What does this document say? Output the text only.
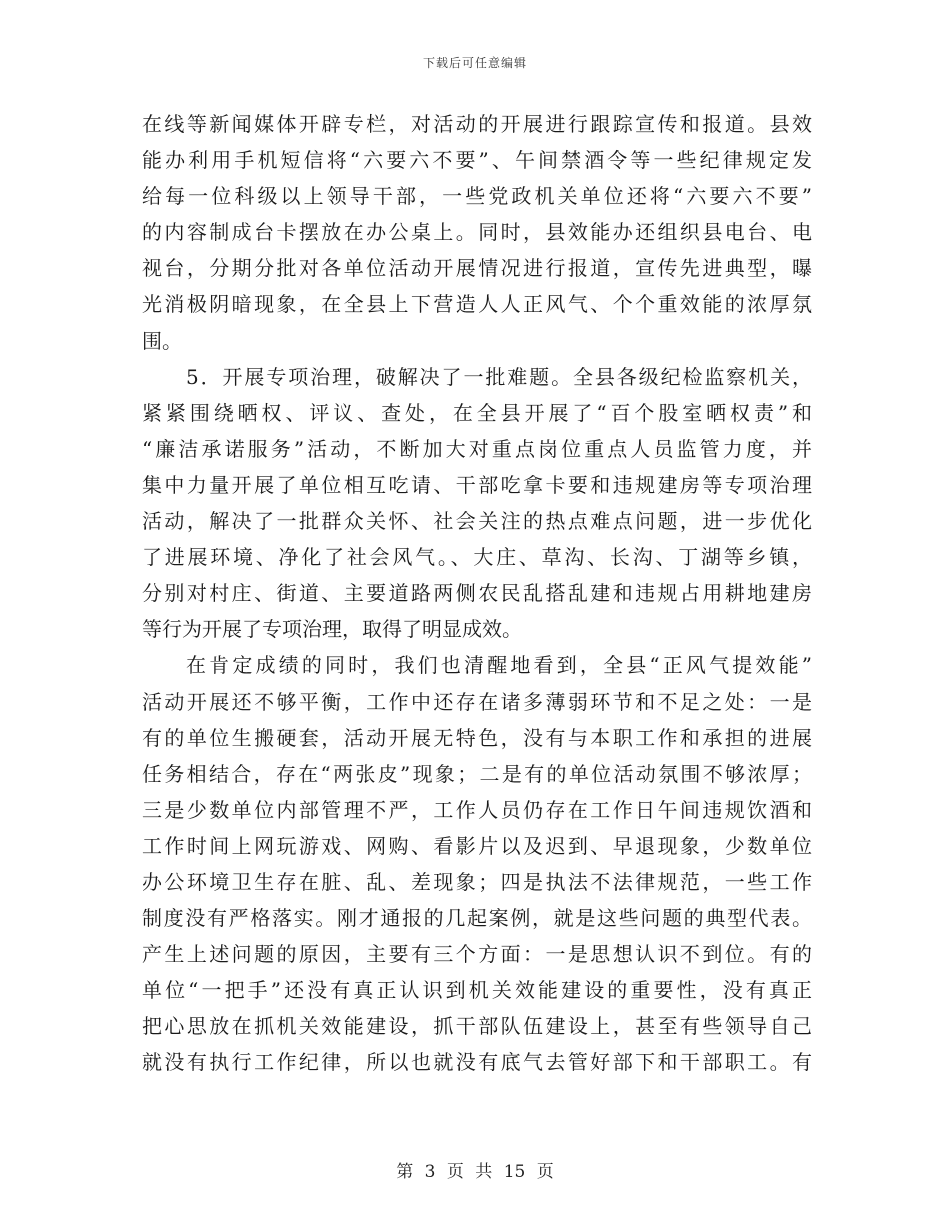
下载后可任意编辑
在线等新闻媒体开辟专栏，对活动的开展进行跟踪宣传和报道。县效
能办利用手机短信将“六要六不要”、午间禁酒令等一些纪律规定发
给每一位科级以上领导干部，一些党政机关单位还将“六要六不要”
的内容制成台卡摆放在办公桌上。同时，县效能办还组织县电台、电
视台，分期分批对各单位活动开展情况进行报道，宣传先进典型，曝
光消极阴暗现象，在全县上下营造人人正风气、个个重效能的浓厚氛
围。
5．开展专项治理，破解决了一批难题。全县各级纪检监察机关，
紧紧围绕晒权、评议、查处，在全县开展了“百个股室晒权责”和
“廉洁承诺服务”活动，不断加大对重点岗位重点人员监管力度，并
集中力量开展了单位相互吃请、干部吃拿卡要和违规建房等专项治理
活动，解决了一批群众关怀、社会关注的热点难点问题，进一步优化
了进展环境、净化了社会风气。、大庄、草沟、长沟、丁湖等乡镇，
分别对村庄、街道、主要道路两侧农民乱搭乱建和违规占用耕地建房
等行为开展了专项治理，取得了明显成效。
在肯定成绩的同时，我们也清醒地看到，全县“正风气提效能”
活动开展还不够平衡，工作中还存在诸多薄弱环节和不足之处：一是
有的单位生搬硬套，活动开展无特色，没有与本职工作和承担的进展
任务相结合，存在“两张皮”现象；二是有的单位活动氛围不够浓厚；
三是少数单位内部管理不严，工作人员仍存在工作日午间违规饮酒和
工作时间上网玩游戏、网购、看影片以及迟到、早退现象，少数单位
办公环境卫生存在脏、乱、差现象；四是执法不法律规范，一些工作
制度没有严格落实。刚才通报的几起案例，就是这些问题的典型代表。
产生上述问题的原因，主要有三个方面：一是思想认识不到位。有的
单位“一把手”还没有真正认识到机关效能建设的重要性，没有真正
把心思放在抓机关效能建设，抓干部队伍建设上，甚至有些领导自己
就没有执行工作纪律，所以也就没有底气去管好部下和干部职工。有
第 3 页 共 15 页
